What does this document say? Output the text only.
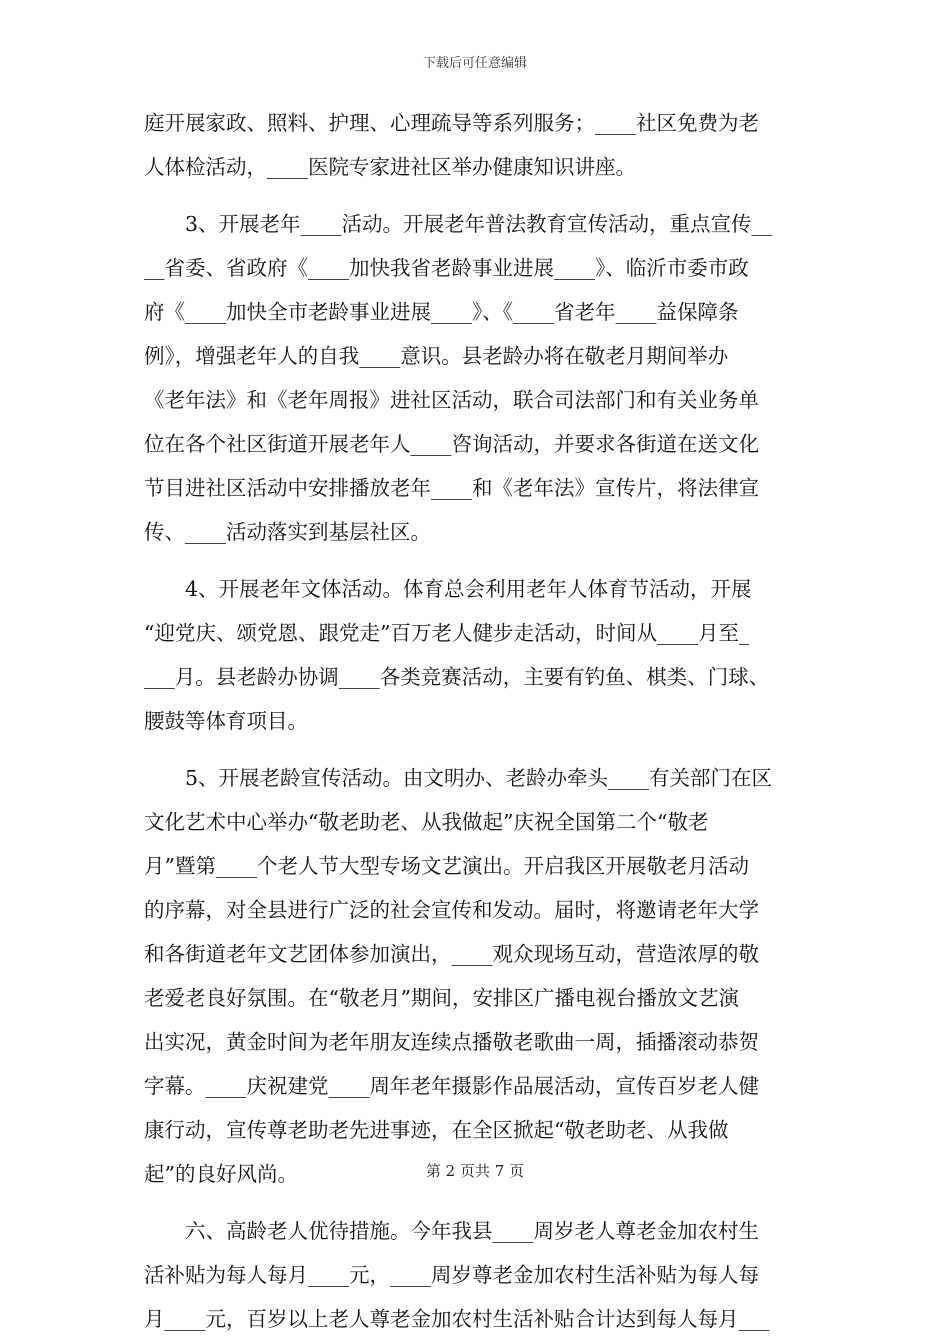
下载后可任意编辑
庭开展家政、照料、护理、心理疏导等系列服务；____社区免费为老
人体检活动，____医院专家进社区举办健康知识讲座。
3、开展老年____活动。开展老年普法教育宣传活动，重点宣传__
__省委、省政府《____加快我省老龄事业进展____》、临沂市委市政
府《____加快全市老龄事业进展____》、《____省老年____益保障条
例》，增强老年人的自我____意识。县老龄办将在敬老月期间举办
《老年法》和《老年周报》进社区活动，联合司法部门和有关业务单
位在各个社区街道开展老年人____咨询活动，并要求各街道在送文化
节目进社区活动中安排播放老年____和《老年法》宣传片，将法律宣
传、____活动落实到基层社区。
4、开展老年文体活动。体育总会利用老年人体育节活动，开展
“迎党庆、颂党恩、跟党走”百万老人健步走活动，时间从____月至_
___月。县老龄办协调____各类竞赛活动，主要有钓鱼、棋类、门球、
腰鼓等体育项目。
5、开展老龄宣传活动。由文明办、老龄办牵头____有关部门在区
文化艺术中心举办“敬老助老、从我做起”庆祝全国第二个“敬老
月”暨第____个老人节大型专场文艺演出。开启我区开展敬老月活动
的序幕，对全县进行广泛的社会宣传和发动。届时，将邀请老年大学
和各街道老年文艺团体参加演出，____观众现场互动，营造浓厚的敬
老爱老良好氛围。在“敬老月”期间，安排区广播电视台播放文艺演
出实况，黄金时间为老年朋友连续点播敬老歌曲一周，插播滚动恭贺
字幕。____庆祝建党____周年老年摄影作品展活动，宣传百岁老人健
康行动，宣传尊老助老先进事迹，在全区掀起“敬老助老、从我做
起”的良好风尚。
六、高龄老人优待措施。今年我县____周岁老人尊老金加农村生
活补贴为每人每月____元，____周岁尊老金加农村生活补贴为每人每
月____元，百岁以上老人尊老金加农村生活补贴合计达到每人每月___
第 2 页共 7 页
